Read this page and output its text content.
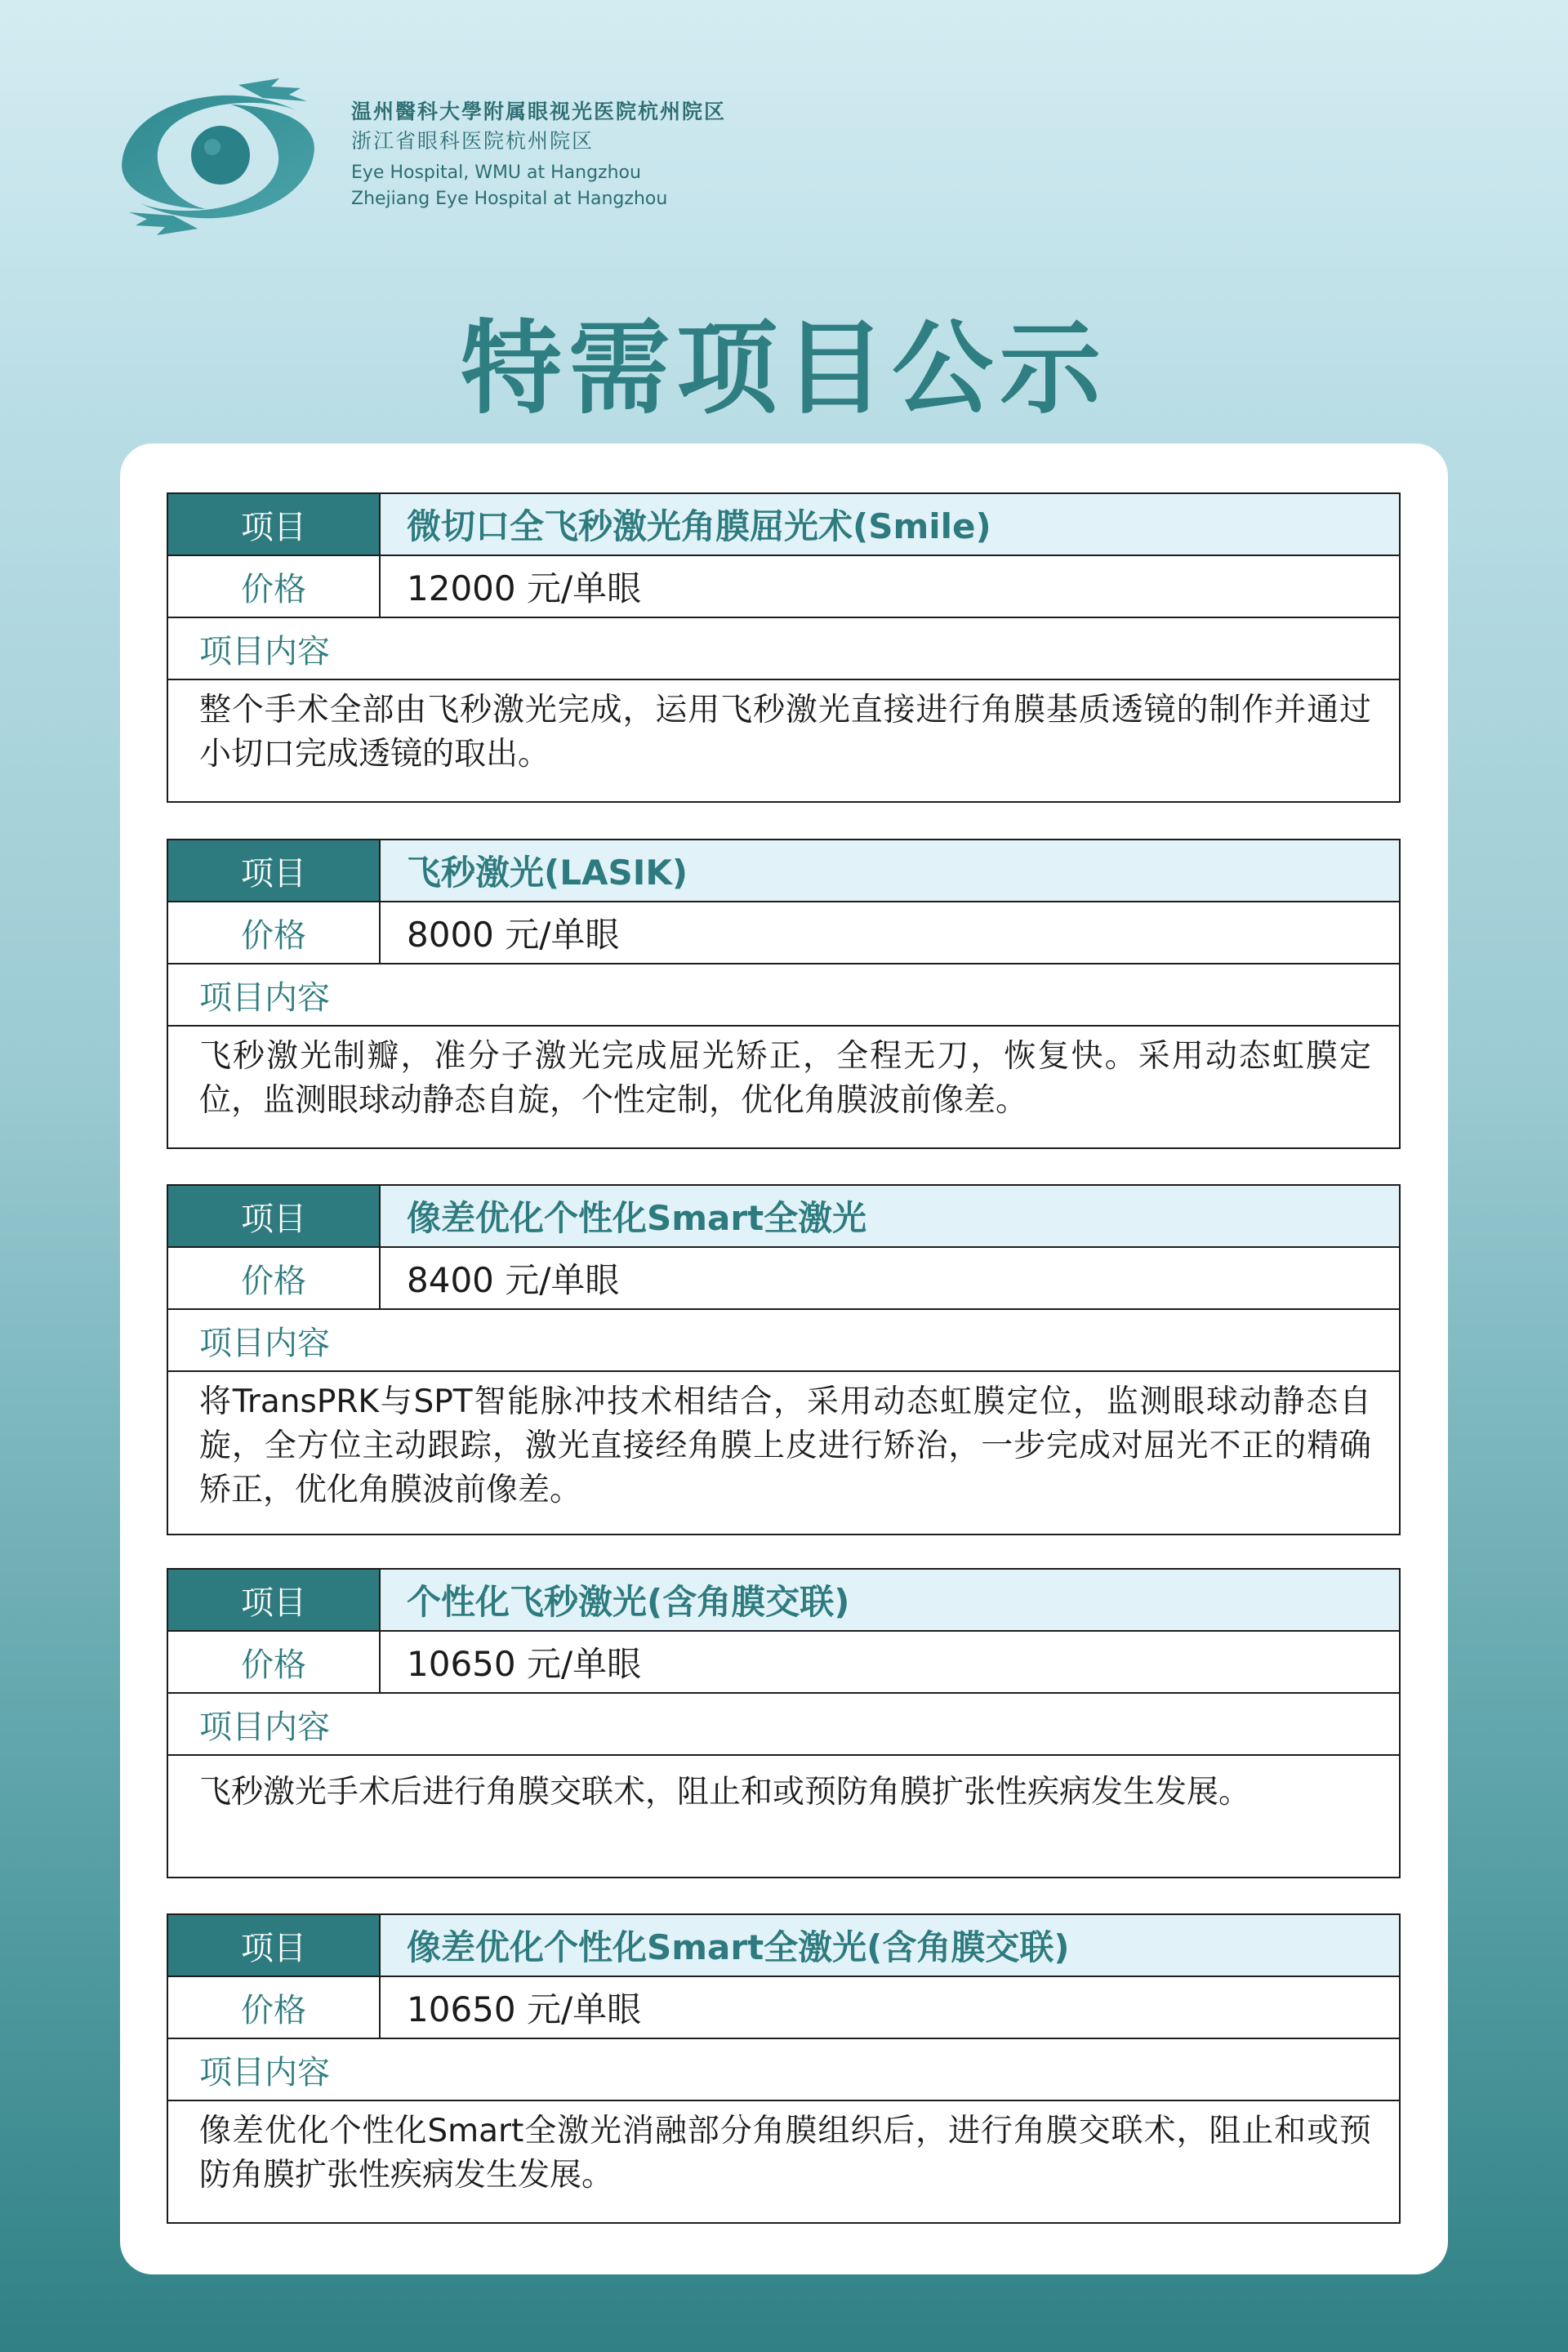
温州醫科大學附属眼视光医院杭州院区
浙江省眼科医院杭州院区
Eye Hospital, WMU at Hangzhou
Zhejiang Eye Hospital at Hangzhou
特需项目公示
项目	微切口全飞秒激光角膜屈光术(Smile)
价格	12000 元/单眼
项目内容
整个手术全部由飞秒激光完成，运用飞秒激光直接进行角膜基质透镜的制作并通过小切口完成透镜的取出。
项目	飞秒激光(LASIK)
价格	8000 元/单眼
项目内容
飞秒激光制瓣，准分子激光完成屈光矫正，全程无刀，恢复快。采用动态虹膜定位，监测眼球动静态自旋，个性定制，优化角膜波前像差。
项目	像差优化个性化Smart全激光
价格	8400 元/单眼
项目内容
将TransPRK与SPT智能脉冲技术相结合，采用动态虹膜定位，监测眼球动静态自旋，全方位主动跟踪，激光直接经角膜上皮进行矫治，一步完成对屈光不正的精确矫正，优化角膜波前像差。
项目	个性化飞秒激光(含角膜交联)
价格	10650 元/单眼
项目内容
飞秒激光手术后进行角膜交联术，阻止和或预防角膜扩张性疾病发生发展。
项目	像差优化个性化Smart全激光(含角膜交联)
价格	10650 元/单眼
项目内容
像差优化个性化Smart全激光消融部分角膜组织后，进行角膜交联术，阻止和或预防角膜扩张性疾病发生发展。
